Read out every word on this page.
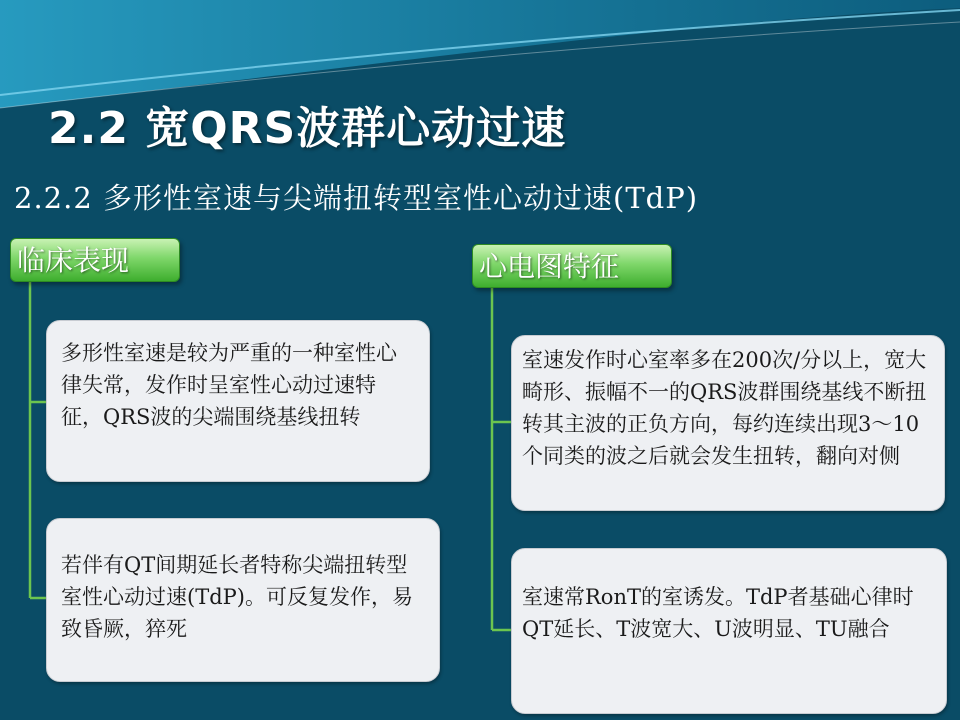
2.2 宽QRS波群心动过速
2.2.2 多形性室速与尖端扭转型室性心动过速(TdP)
临床表现	心电图特征
多形性室速是较为严重的一种室性心律失常，发作时呈室性心动过速特征，QRS波的尖端围绕基线扭转
若伴有QT间期延长者特称尖端扭转型室性心动过速(TdP)。可反复发作，易致昏厥，猝死
室速发作时心室率多在200次/分以上，宽大畸形、振幅不一的QRS波群围绕基线不断扭转其主波的正负方向，每约连续出现3～10个同类的波之后就会发生扭转，翻向对侧
室速常RonT的室诱发。TdP者基础心律时QT延长、T波宽大、U波明显、TU融合
